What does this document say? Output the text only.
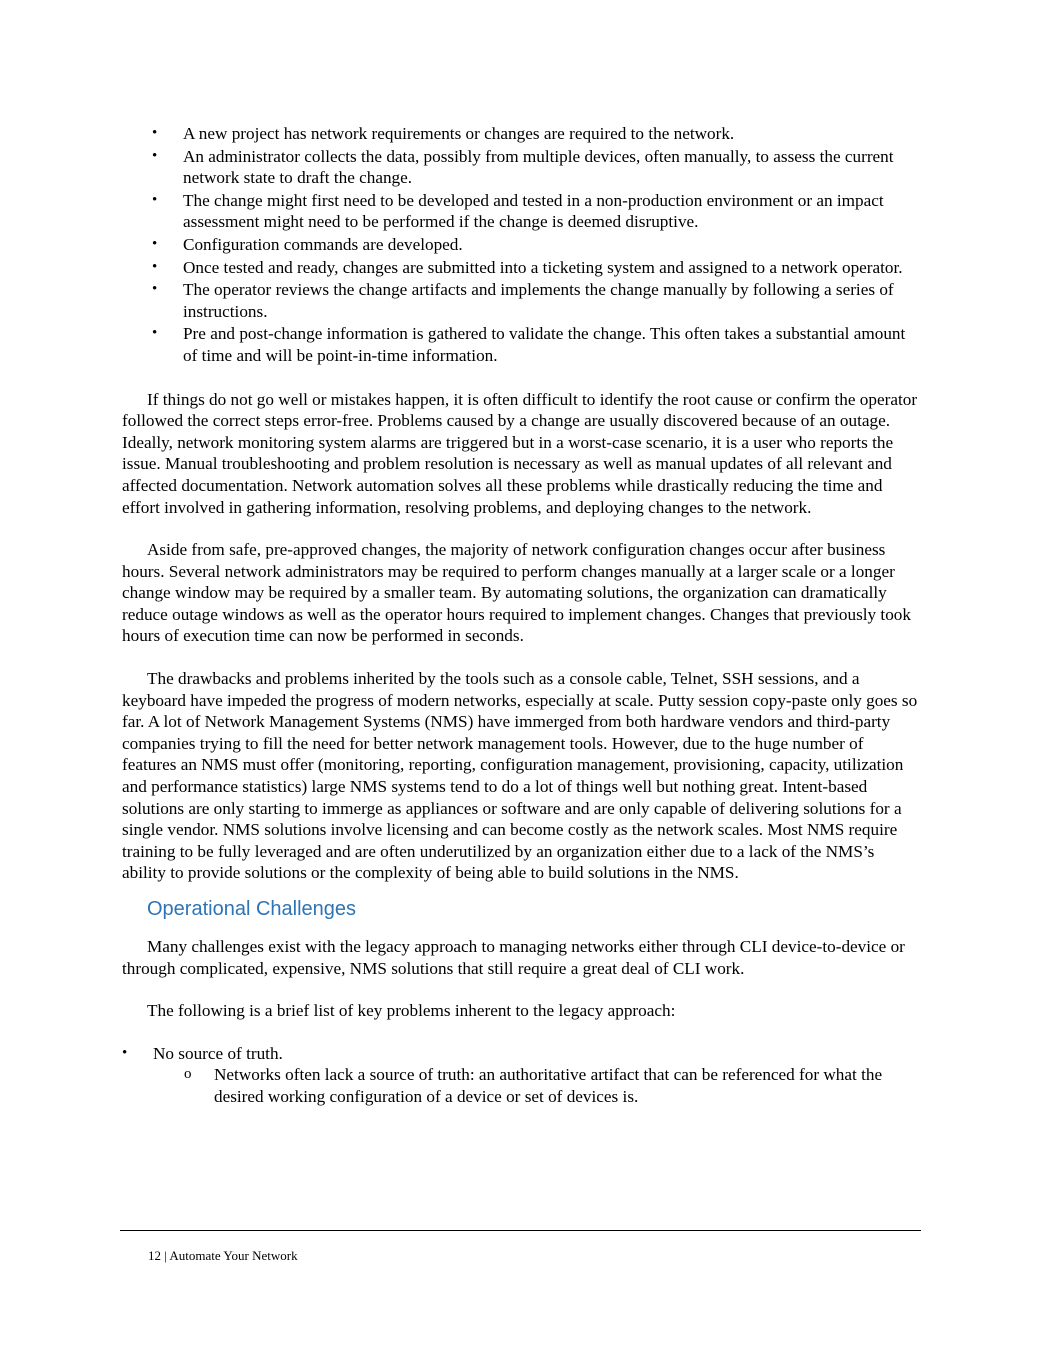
• A new project has network requirements or changes are required to the network.
• An administrator collects the data, possibly from multiple devices, often manually, to assess the current network state to draft the change.
• The change might first need to be developed and tested in a non-production environment or an impact assessment might need to be performed if the change is deemed disruptive.
• Configuration commands are developed.
• Once tested and ready, changes are submitted into a ticketing system and assigned to a network operator.
• The operator reviews the change artifacts and implements the change manually by following a series of instructions.
• Pre and post-change information is gathered to validate the change. This often takes a substantial amount of time and will be point-in-time information.

If things do not go well or mistakes happen, it is often difficult to identify the root cause or confirm the operator followed the correct steps error-free. Problems caused by a change are usually discovered because of an outage. Ideally, network monitoring system alarms are triggered but in a worst-case scenario, it is a user who reports the issue. Manual troubleshooting and problem resolution is necessary as well as manual updates of all relevant and affected documentation. Network automation solves all these problems while drastically reducing the time and effort involved in gathering information, resolving problems, and deploying changes to the network.

Aside from safe, pre-approved changes, the majority of network configuration changes occur after business hours. Several network administrators may be required to perform changes manually at a larger scale or a longer change window may be required by a smaller team. By automating solutions, the organization can dramatically reduce outage windows as well as the operator hours required to implement changes. Changes that previously took hours of execution time can now be performed in seconds.

The drawbacks and problems inherited by the tools such as a console cable, Telnet, SSH sessions, and a keyboard have impeded the progress of modern networks, especially at scale. Putty session copy-paste only goes so far. A lot of Network Management Systems (NMS) have immerged from both hardware vendors and third-party companies trying to fill the need for better network management tools. However, due to the huge number of features an NMS must offer (monitoring, reporting, configuration management, provisioning, capacity, utilization and performance statistics) large NMS systems tend to do a lot of things well but nothing great. Intent-based solutions are only starting to immerge as appliances or software and are only capable of delivering solutions for a single vendor. NMS solutions involve licensing and can become costly as the network scales. Most NMS require training to be fully leveraged and are often underutilized by an organization either due to a lack of the NMS’s ability to provide solutions or the complexity of being able to build solutions in the NMS.

Operational Challenges

Many challenges exist with the legacy approach to managing networks either through CLI device-to-device or through complicated, expensive, NMS solutions that still require a great deal of CLI work.

The following is a brief list of key problems inherent to the legacy approach:

• No source of truth.
o Networks often lack a source of truth: an authoritative artifact that can be referenced for what the desired working configuration of a device or set of devices is.
12 | Automate Your Network
